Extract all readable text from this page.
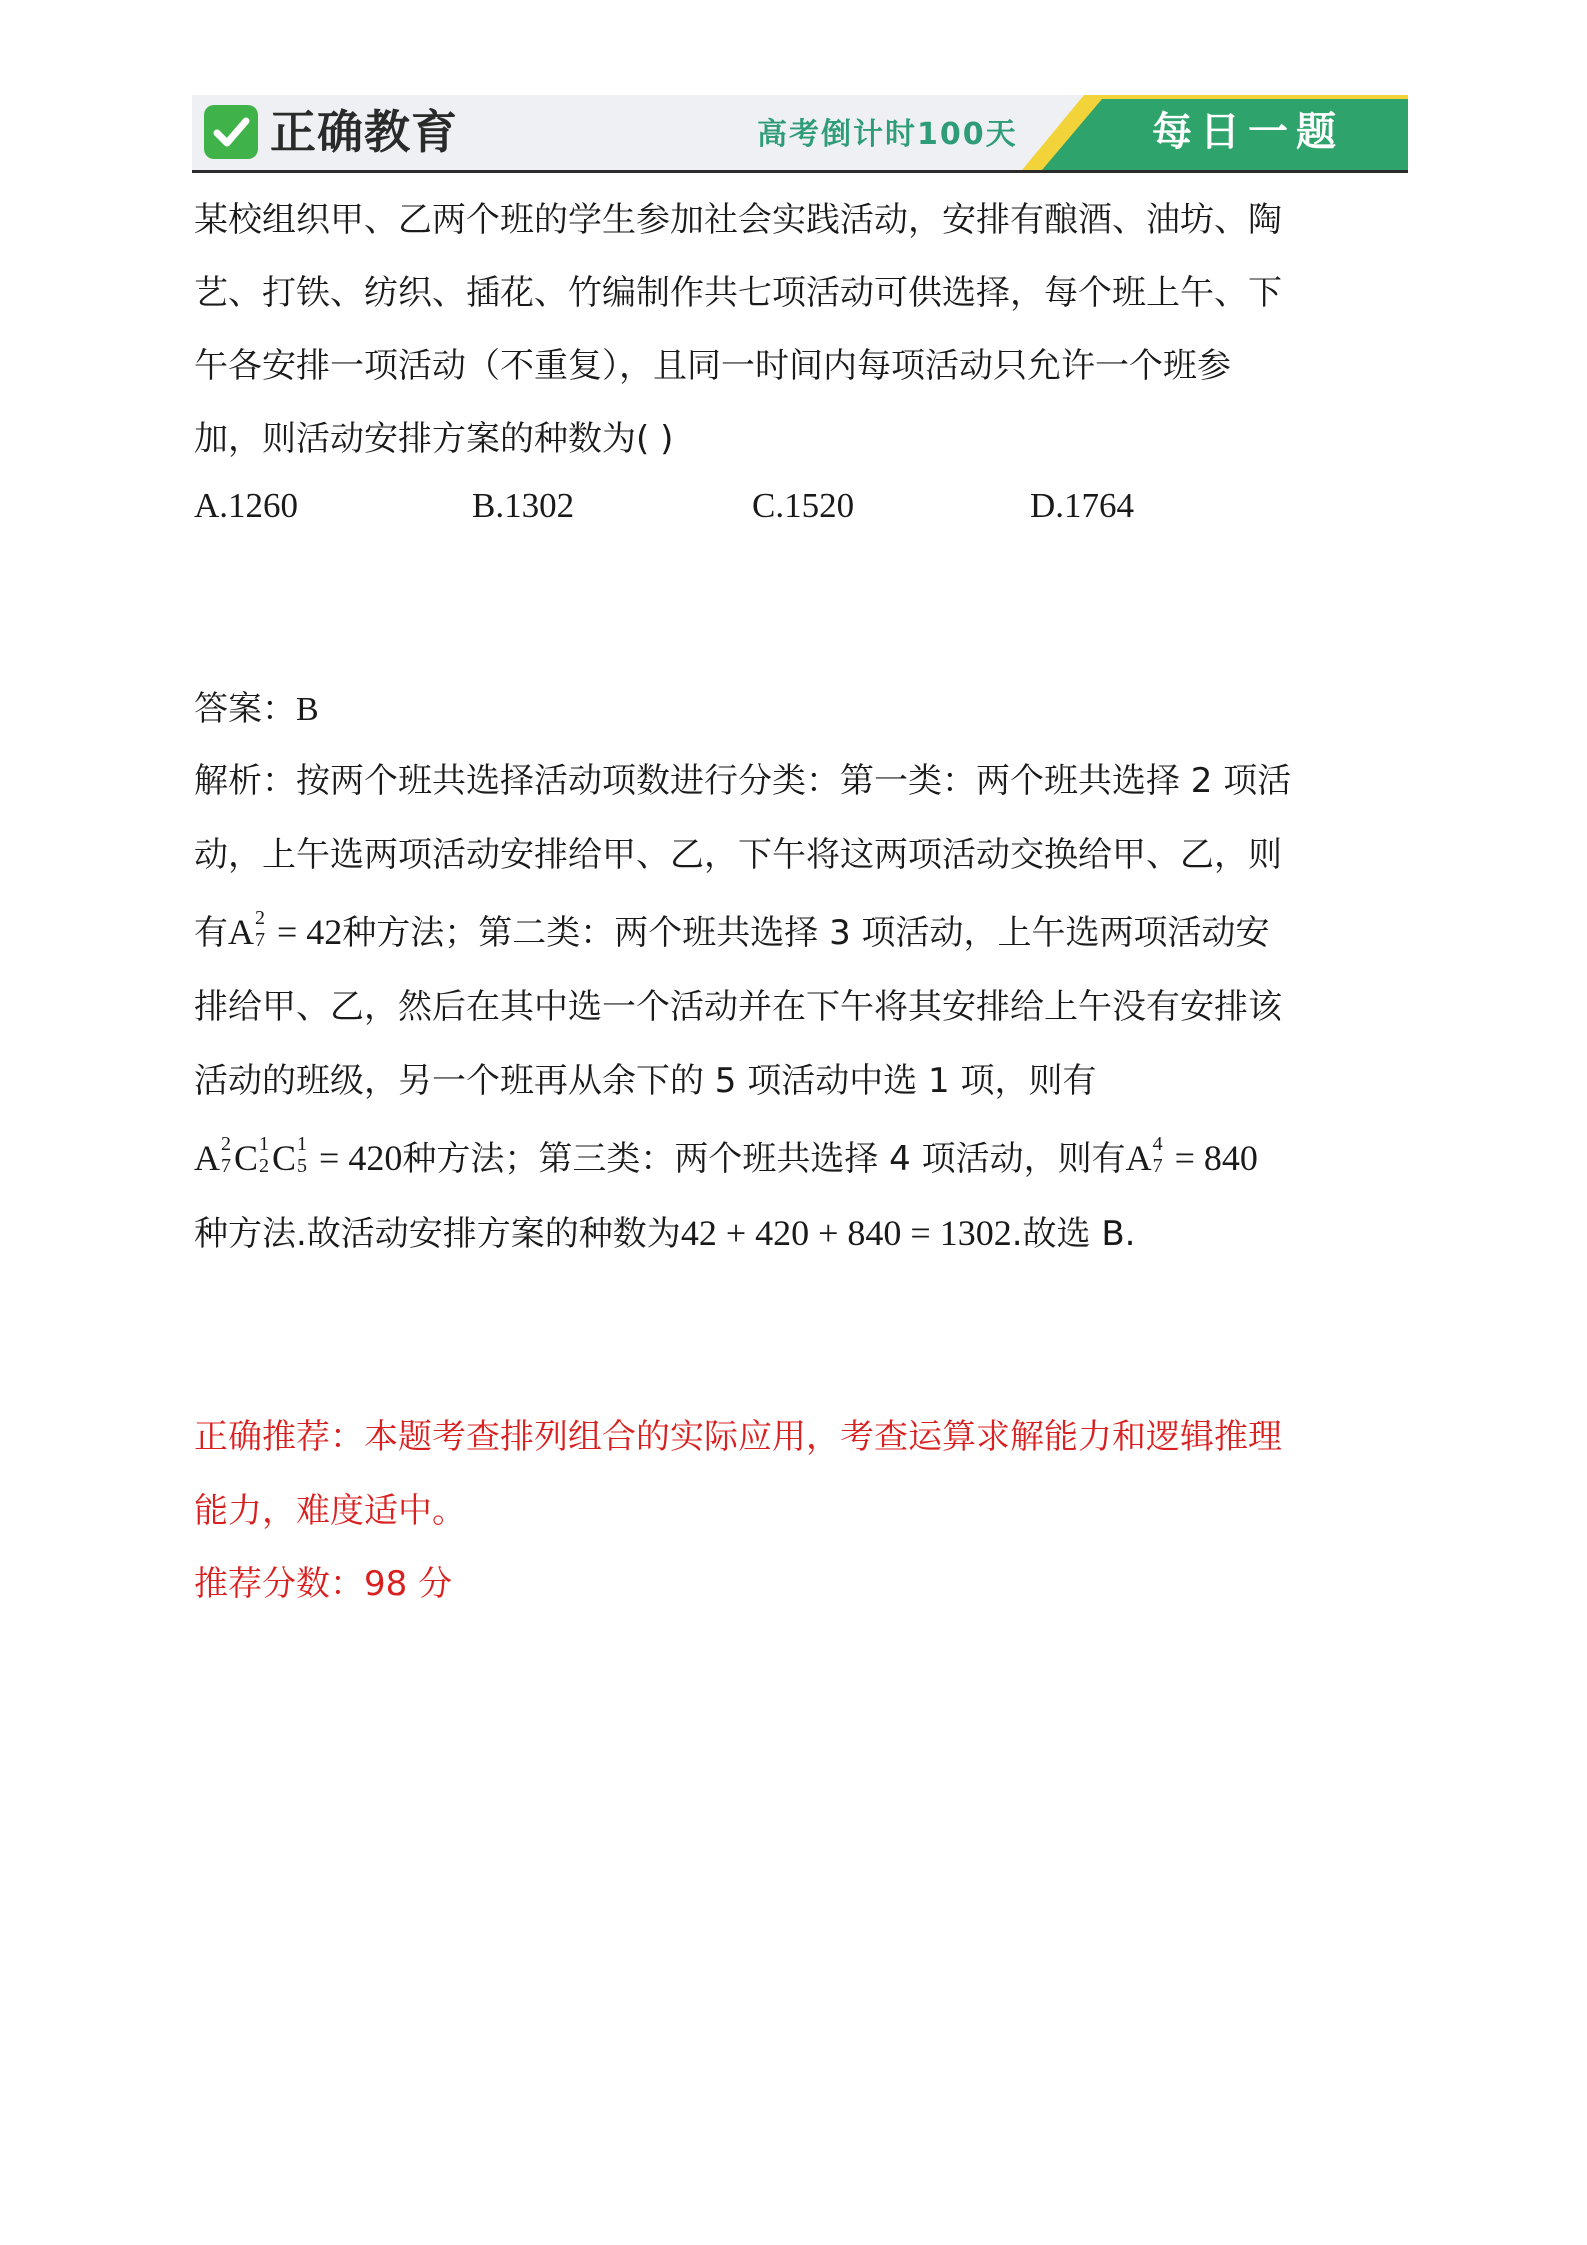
正确教育	高考倒计时100天	每日一题
某校组织甲、乙两个班的学生参加社会实践活动，安排有酿酒、油坊、陶
艺、打铁、纺织、插花、竹编制作共七项活动可供选择，每个班上午、下
午各安排一项活动（不重复），且同一时间内每项活动只允许一个班参
加，则活动安排方案的种数为( )
A.1260	B.1302	C.1520	D.1764
答案：B
解析：按两个班共选择活动项数进行分类：第一类：两个班共选择 2 项活
动，上午选两项活动安排给甲、乙，下午将这两项活动交换给甲、乙，则
有A 2
7 = 42种方法；第二类：两个班共选择 3 项活动，上午选两项活动安
排给甲、乙，然后在其中选一个活动并在下午将其安排给上午没有安排该
活动的班级，另一个班再从余下的 5 项活动中选 1 项，则有
A 2
7 C 1
2 C 1
5 = 420种方法；第三类：两个班共选择 4 项活动，则有A 4
7 = 840
种方法.故活动安排方案的种数为42 + 420 + 840 = 1302.故选 B.
正确推荐：本题考查排列组合的实际应用，考查运算求解能力和逻辑推理
能力，难度适中。
推荐分数：98 分
